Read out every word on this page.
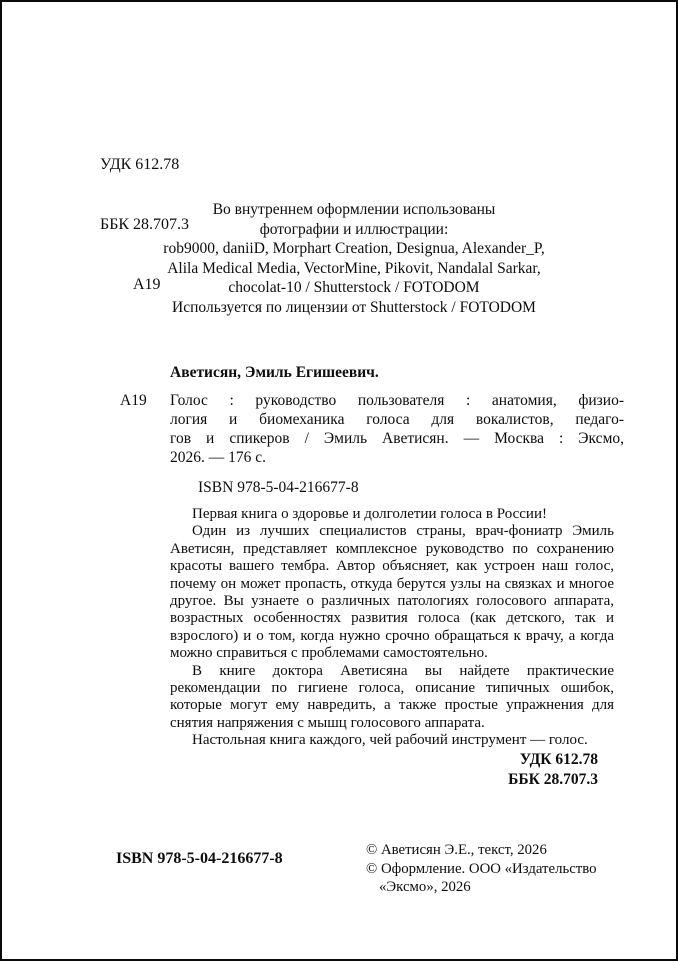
УДК 612.78

ББК 28.707.3

А19

Во внутреннем оформлении использованы
фотографии и иллюстрации:
rob9000, daniiD, Morphart Creation, Designua, Alexander_P,
Alila Medical Media, VectorMine, Pikovit, Nandalal Sarkar,
chocolat-10 / Shutterstock / FOTODOM
Используется по лицензии от Shutterstock / FOTODOM
Аветисян, Эмиль Егишеевич.
А19 Голос : руководство пользователя : анатомия, физио-
логия и биомеханика голоса для вокалистов, педаго-
гов и спикеров / Эмиль Аветисян. — Москва : Эксмо,
2026. — 176 с.
ISBN 978-5-04-216677-8

Первая книга о здоровье и долголетии голоса в России!

Один из лучших специалистов страны, врач-фониатр Эмиль Аветисян, представляет комплексное руководство по сохранению красоты вашего тембра. Автор объясняет, как устроен наш голос, почему он может пропасть, откуда берутся узлы на связках и многое другое. Вы узнаете о различных патологиях голосового аппарата, возрастных особенностях развития голоса (как детского, так и взрослого) и о том, когда нужно срочно обращаться к врачу, а когда можно справиться с проблемами самостоятельно.

В книге доктора Аветисяна вы найдете практические рекомендации по гигиене голоса, описание типичных ошибок, которые могут ему навредить, а также простые упражнения для снятия напряжения с мышц голосового аппарата.

Настольная книга каждого, чей рабочий инструмент — голос.

УДК 612.78
ББК 28.707.3
© Аветисян Э.Е., текст, 2026
© Оформление. ООО «Издательство
«Эксмо», 2026
ISBN 978-5-04-216677-8
